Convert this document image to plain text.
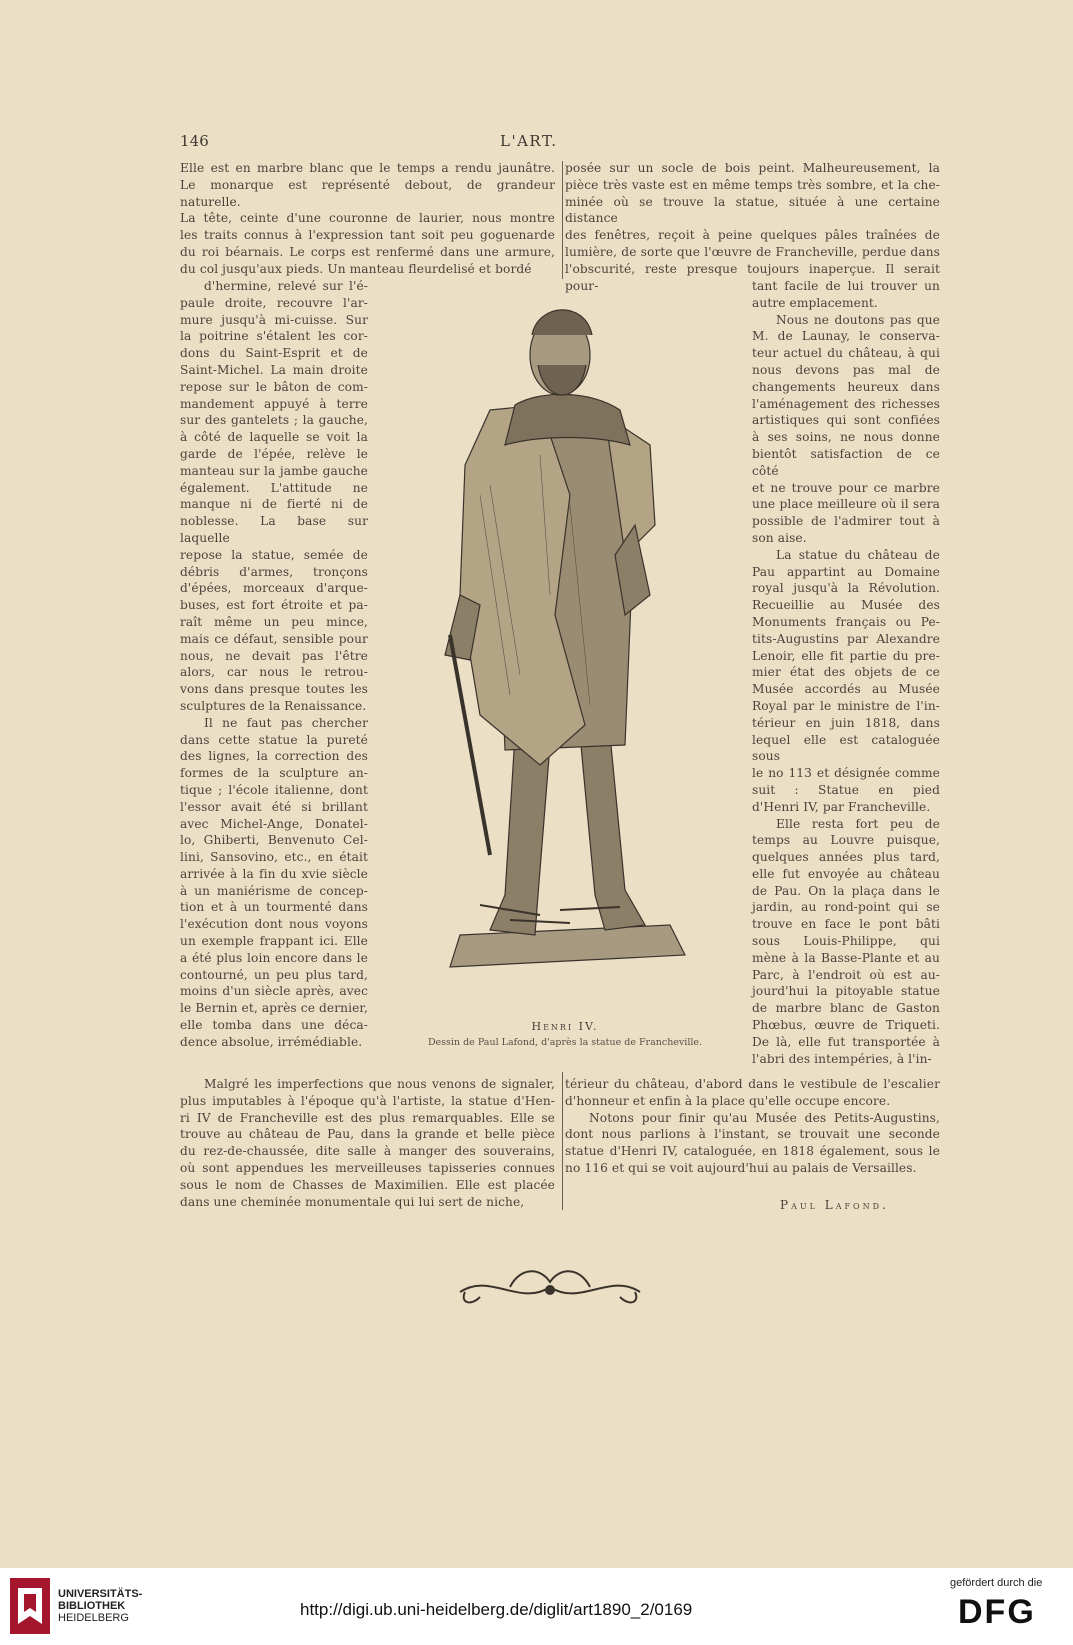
146	L'ART.

Elle est en marbre blanc que le temps a rendu jaunâtre.

Le monarque est représenté debout, de grandeur naturelle.

La tête, ceinte d'une couronne de laurier, nous montre

les traits connus à l'expression tant soit peu goguenarde

du roi béarnais. Le corps est renfermé dans une armure,

du col jusqu'aux pieds. Un manteau fleurdelisé et bordé

d'hermine, relevé sur l'é-

paule droite, recouvre l'ar-

mure jusqu'à mi-cuisse. Sur

la poitrine s'étalent les cor-

dons du Saint-Esprit et de

Saint-Michel. La main droite

repose sur le bâton de com-

mandement appuyé à terre

sur des gantelets ; la gauche,

à côté de laquelle se voit la

garde de l'épée, relève le

manteau sur la jambe gauche

également. L'attitude ne

manque ni de fierté ni de

noblesse. La base sur laquelle

repose la statue, semée de

débris d'armes, tronçons

d'épées, morceaux d'arque-

buses, est fort étroite et pa-

raît même un peu mince,

mais ce défaut, sensible pour

nous, ne devait pas l'être

alors, car nous le retrou-

vons dans presque toutes les

sculptures de la Renaissance.

Il ne faut pas chercher

dans cette statue la pureté

des lignes, la correction des

formes de la sculpture an-

tique ; l'école italienne, dont

l'essor avait été si brillant

avec Michel-Ange, Donatel-

lo, Ghiberti, Benvenuto Cel-

lini, Sansovino, etc., en était

arrivée à la fin du xvie siècle

à un maniérisme de concep-

tion et à un tourmenté dans

l'exécution dont nous voyons

un exemple frappant ici. Elle

a été plus loin encore dans le

contourné, un peu plus tard,

moins d'un siècle après, avec

le Bernin et, après ce dernier,

elle tomba dans une déca-

dence absolue, irrémédiable.

Malgré les imperfections que nous venons de signaler,

plus imputables à l'époque qu'à l'artiste, la statue d'Hen-

ri IV de Francheville est des plus remarquables. Elle se

trouve au château de Pau, dans la grande et belle pièce

du rez-de-chaussée, dite salle à manger des souverains,

où sont appendues les merveilleuses tapisseries connues

sous le nom de Chasses de Maximilien. Elle est placée

dans une cheminée monumentale qui lui sert de niche,

posée sur un socle de bois peint. Malheureusement, la

pièce très vaste est en même temps très sombre, et la che-

minée où se trouve la statue, située à une certaine distance

des fenêtres, reçoit à peine quelques pâles traînées de

lumière, de sorte que l'œuvre de Francheville, perdue dans

l'obscurité, reste presque toujours inaperçue. Il serait pour-	tant facile de lui trouver un

autre emplacement.

Nous ne doutons pas que

M. de Launay, le conserva-

teur actuel du château, à qui

nous devons pas mal de

changements heureux dans

l'aménagement des richesses

artistiques qui sont confiées

à ses soins, ne nous donne

bientôt satisfaction de ce côté

et ne trouve pour ce marbre

une place meilleure où il sera

possible de l'admirer tout à

son aise.

La statue du château de

Pau appartint au Domaine

royal jusqu'à la Révolution.

Recueillie au Musée des

Monuments français ou Pe-

tits-Augustins par Alexandre

Lenoir, elle fit partie du pre-

mier état des objets de ce

Musée accordés au Musée

Royal par le ministre de l'in-

térieur en juin 1818, dans

lequel elle est cataloguée sous

le no 113 et désignée comme

suit : Statue en pied

d'Henri IV, par Francheville.

Elle resta fort peu de

temps au Louvre puisque,

quelques années plus tard,

elle fut envoyée au château

de Pau. On la plaça dans le

jardin, au rond-point qui se

trouve en face le pont bâti

sous Louis-Philippe, qui

mène à la Basse-Plante et au

Parc, à l'endroit où est au-

jourd'hui la pitoyable statue

de marbre blanc de Gaston

Phœbus, œuvre de Triqueti.

De là, elle fut transportée à

l'abri des intempéries, à l'in-

térieur du château, d'abord dans le vestibule de l'escalier

d'honneur et enfin à la place qu'elle occupe encore.

Notons pour finir qu'au Musée des Petits-Augustins,

dont nous parlions à l'instant, se trouvait une seconde

statue d'Henri IV, cataloguée, en 1818 également, sous le

no 116 et qui se voit aujourd'hui au palais de Versailles.

Paul Lafond.
Henri IV.
Dessin de Paul Lafond, d'après la statue de Francheville.
UNIVERSITÄTS-
BIBLIOTHEK
HEIDELBERG	http://digi.ub.uni-heidelberg.de/diglit/art1890_2/0169
gefördert durch die
DFG
